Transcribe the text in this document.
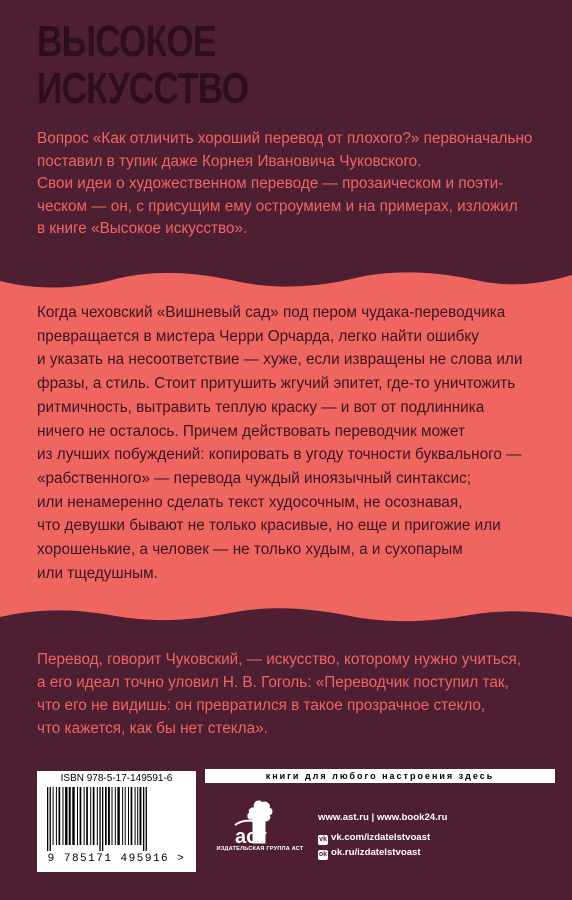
ВЫСОКОЕ
ИСКУССТВО

Вопрос «Как отличить хороший перевод от плохого?» первоначально
поставил в тупик даже Корнея Ивановича Чуковского.
Свои идеи о художественном переводе — прозаическом и поэти-
ческом — он, с присущим ему остроумием и на примерах, изложил
в книге «Высокое искусство».

Когда чеховский «Вишневый сад» под пером чудака-переводчика
превращается в мистера Черри Орчарда, легко найти ошибку
и указать на несоответствие — хуже, если извращены не слова или
фразы, а стиль. Стоит притушить жгучий эпитет, где-то уничтожить
ритмичность, вытравить теплую краску — и вот от подлинника
ничего не осталось. Причем действовать переводчик может
из лучших побуждений: копировать в угоду точности буквального —
«рабственного» — перевода чуждый иноязычный синтаксис;
или ненамеренно сделать текст худосочным, не осознавая,
что девушки бывают не только красивые, но еще и пригожие или
хорошенькие, а человек — не только худым, а и сухопарым
или тщедушным.

Перевод, говорит Чуковский, — искусство, которому нужно учиться,
а его идеал точно уловил Н. В. Гоголь: «Переводчик поступил так,
что его не видишь: он превратился в такое прозрачное стекло,
что кажется, как бы нет стекла».

ISBN 978-5-17-149591-6
9 785171 495916 >
книги для любого настроения здесь
аст
ИЗДАТЕЛЬСКАЯ ГРУППА АСТ
www.ast.ru | www.book24.ru
vk vk.com/izdatelstvoast
ok ok.ru/izdatelstvoast
